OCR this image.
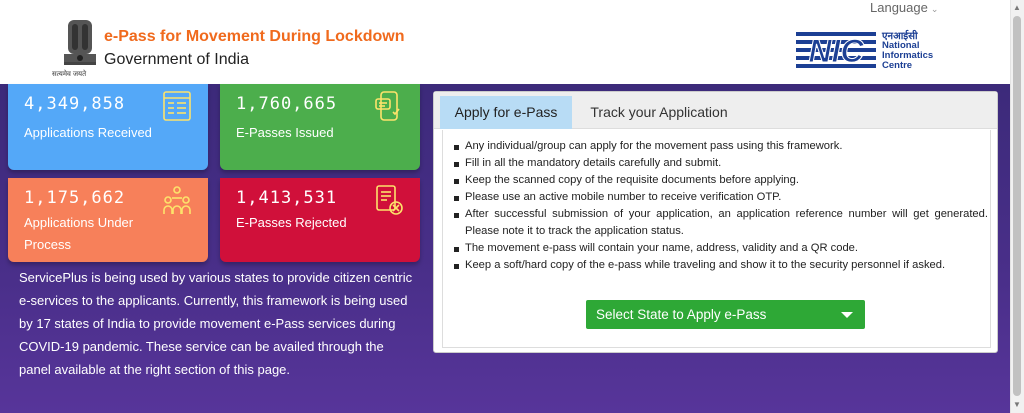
Language ⌄
सत्यमेव जयते
e-Pass for Movement During Lockdown
Government of India	NIC एनआईसी
National
Informatics
Centre
4,349,858
Applications Received
1,760,665
E-Passes Issued
1,175,662
Applications Under Process
1,413,531
E-Passes Rejected
ServicePlus is being used by various states to provide citizen centric e-services to the applicants. Currently, this framework is being used by 17 states of India to provide movement e-Pass services during COVID-19 pandemic. These service can be availed through the panel available at the right section of this page.
Apply for e-Pass	Track your Application
Any individual/group can apply for the movement pass using this framework.
Fill in all the mandatory details carefully and submit.
Keep the scanned copy of the requisite documents before applying.
Please use an active mobile number to receive verification OTP.
After successful submission of your application, an application reference number will get generated. Please note it to track the application status.
The movement e-pass will contain your name, address, validity and a QR code.
Keep a soft/hard copy of the e-pass while traveling and show it to the security personnel if asked.
Select State to Apply e-Pass
▲
▼
